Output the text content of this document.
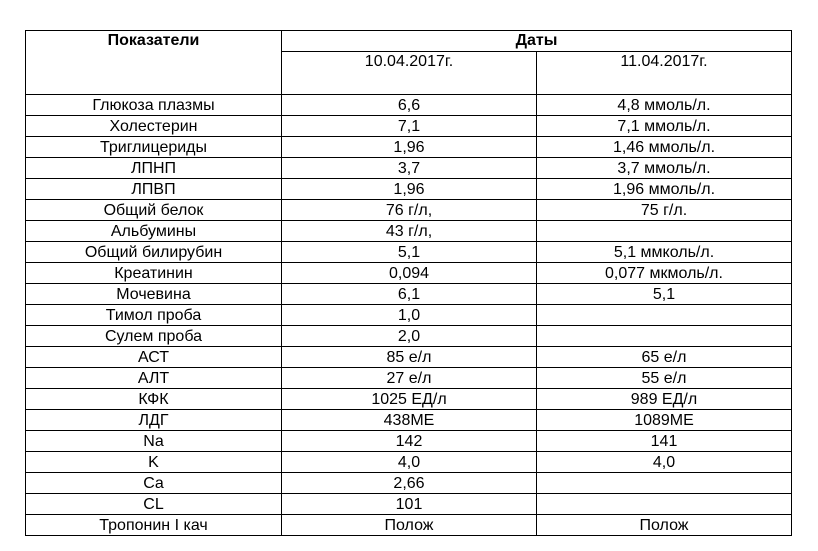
Показатели	Даты	
	10.04.2017г.	11.04.2017г.
Глюкоза плазмы	6,6	4,8 ммоль/л.
Холестерин	7,1	7,1 ммоль/л.
Триглицериды	1,96	1,46 ммоль/л.
ЛПНП	3,7	3,7 ммоль/л.
ЛПВП	1,96	1,96 ммоль/л.
Общий белок	76 г/л,	75 г/л.
Альбумины	43 г/л,	
Общий билирубин	5,1	5,1 ммколь/л.
Креатинин	0,094	0,077 мкмоль/л.
Мочевина	6,1	5,1
Тимол проба	1,0	
Сулем проба	2,0	
АСТ	85 е/л	65 е/л
АЛТ	27 е/л	55 е/л
КФК	1025 ЕД/л	989 ЕД/л
ЛДГ	438МЕ	1089МЕ
Na	142	141
K	4,0	4,0
Ca	2,66	
CL	101	
Тропонин I кач	Полож	Полож
